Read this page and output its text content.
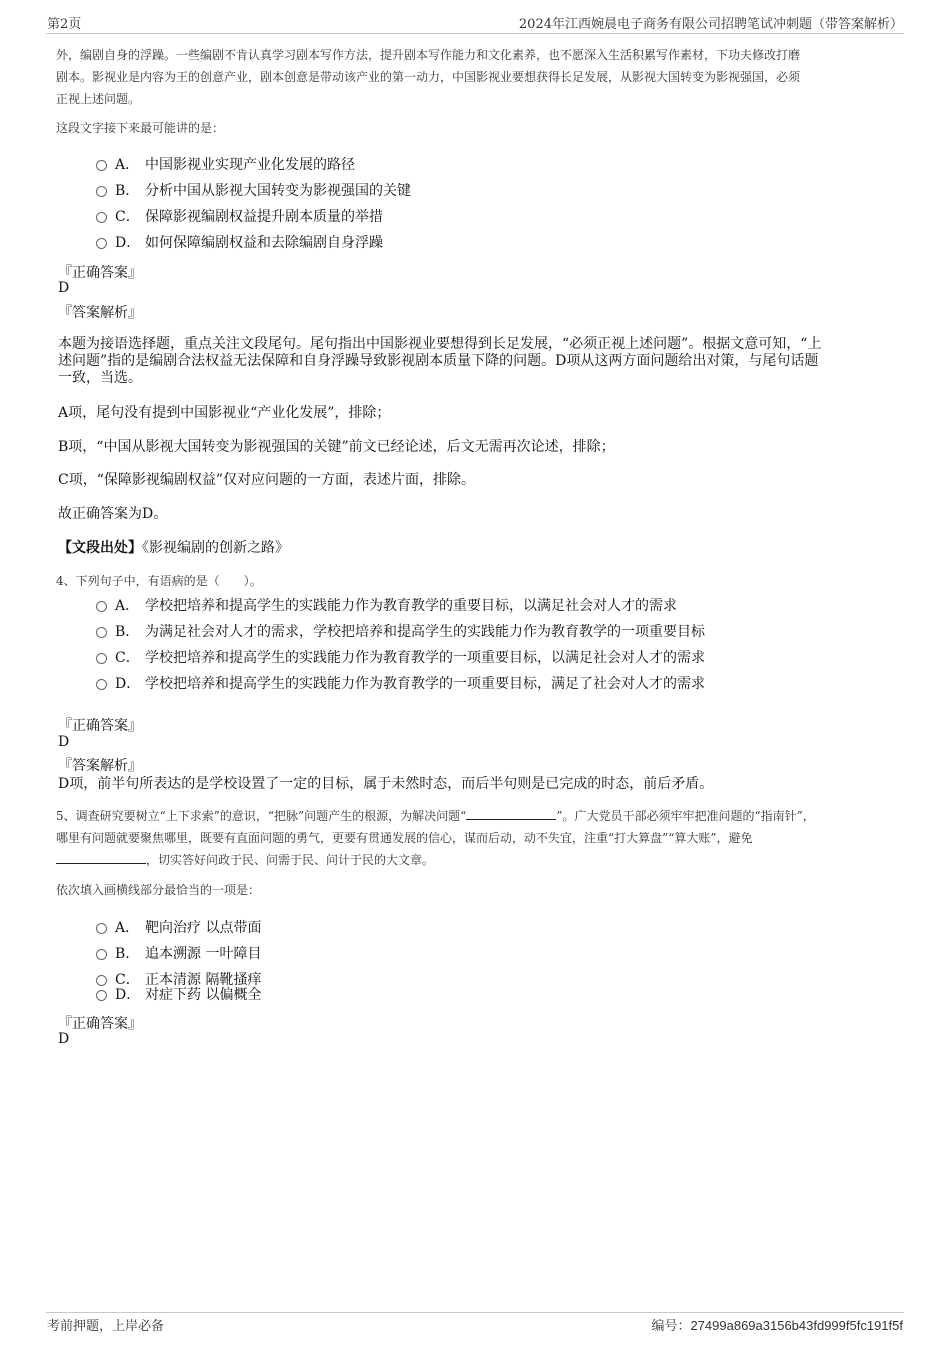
第2页	2024年江西婉晨电子商务有限公司招聘笔试冲刺题（带答案解析）
外，编剧自身的浮躁。一些编剧不肯认真学习剧本写作方法，提升剧本写作能力和文化素养，也不愿深入生活积累写作素材，下功夫修改打磨
剧本。影视业是内容为王的创意产业，剧本创意是带动该产业的第一动力，中国影视业要想获得长足发展，从影视大国转变为影视强国，必须
正视上述问题。
这段文字接下来最可能讲的是：
A． 中国影视业实现产业化发展的路径
B． 分析中国从影视大国转变为影视强国的关键
C． 保障影视编剧权益提升剧本质量的举措
D． 如何保障编剧权益和去除编剧自身浮躁
『正确答案』
D
『答案解析』
本题为接语选择题，重点关注文段尾句。尾句指出中国影视业要想得到长足发展，“必须正视上述问题”。根据文意可知，“上
述问题”指的是编剧合法权益无法保障和自身浮躁导致影视剧本质量下降的问题。D项从这两方面问题给出对策，与尾句话题
一致，当选。
A项，尾句没有提到中国影视业“产业化发展”，排除；
B项，“中国从影视大国转变为影视强国的关键”前文已经论述，后文无需再次论述，排除；
C项，“保障影视编剧权益”仅对应问题的一方面，表述片面，排除。
故正确答案为D。
【文段出处】《影视编剧的创新之路》
4、下列句子中，有语病的是（　　）。
A． 学校把培养和提高学生的实践能力作为教育教学的重要目标，以满足社会对人才的需求
B． 为满足社会对人才的需求，学校把培养和提高学生的实践能力作为教育教学的一项重要目标
C． 学校把培养和提高学生的实践能力作为教育教学的一项重要目标，以满足社会对人才的需求
D． 学校把培养和提高学生的实践能力作为教育教学的一项重要目标，满足了社会对人才的需求
『正确答案』
D
『答案解析』
D项，前半句所表达的是学校设置了一定的目标，属于未然时态，而后半句则是已完成的时态，前后矛盾。
5、调查研究要树立“上下求索”的意识，“把脉”问题产生的根源，为解决问题“	”。广大党员干部必须牢牢把准问题的“指南针”，
哪里有问题就要聚焦哪里，既要有直面问题的勇气，更要有贯通发展的信心，谋而后动，动不失宜，注重“打大算盘”“算大账”，避免
，切实答好问政于民、问需于民、问计于民的大文章。
依次填入画横线部分最恰当的一项是：
A． 靶向治疗 以点带面
B． 追本溯源 一叶障目
C． 正本清源 隔靴搔痒
D． 对症下药 以偏概全
『正确答案』
D
考前押题，上岸必备	编号：27499a869a3156b43fd999f5fc191f5f
